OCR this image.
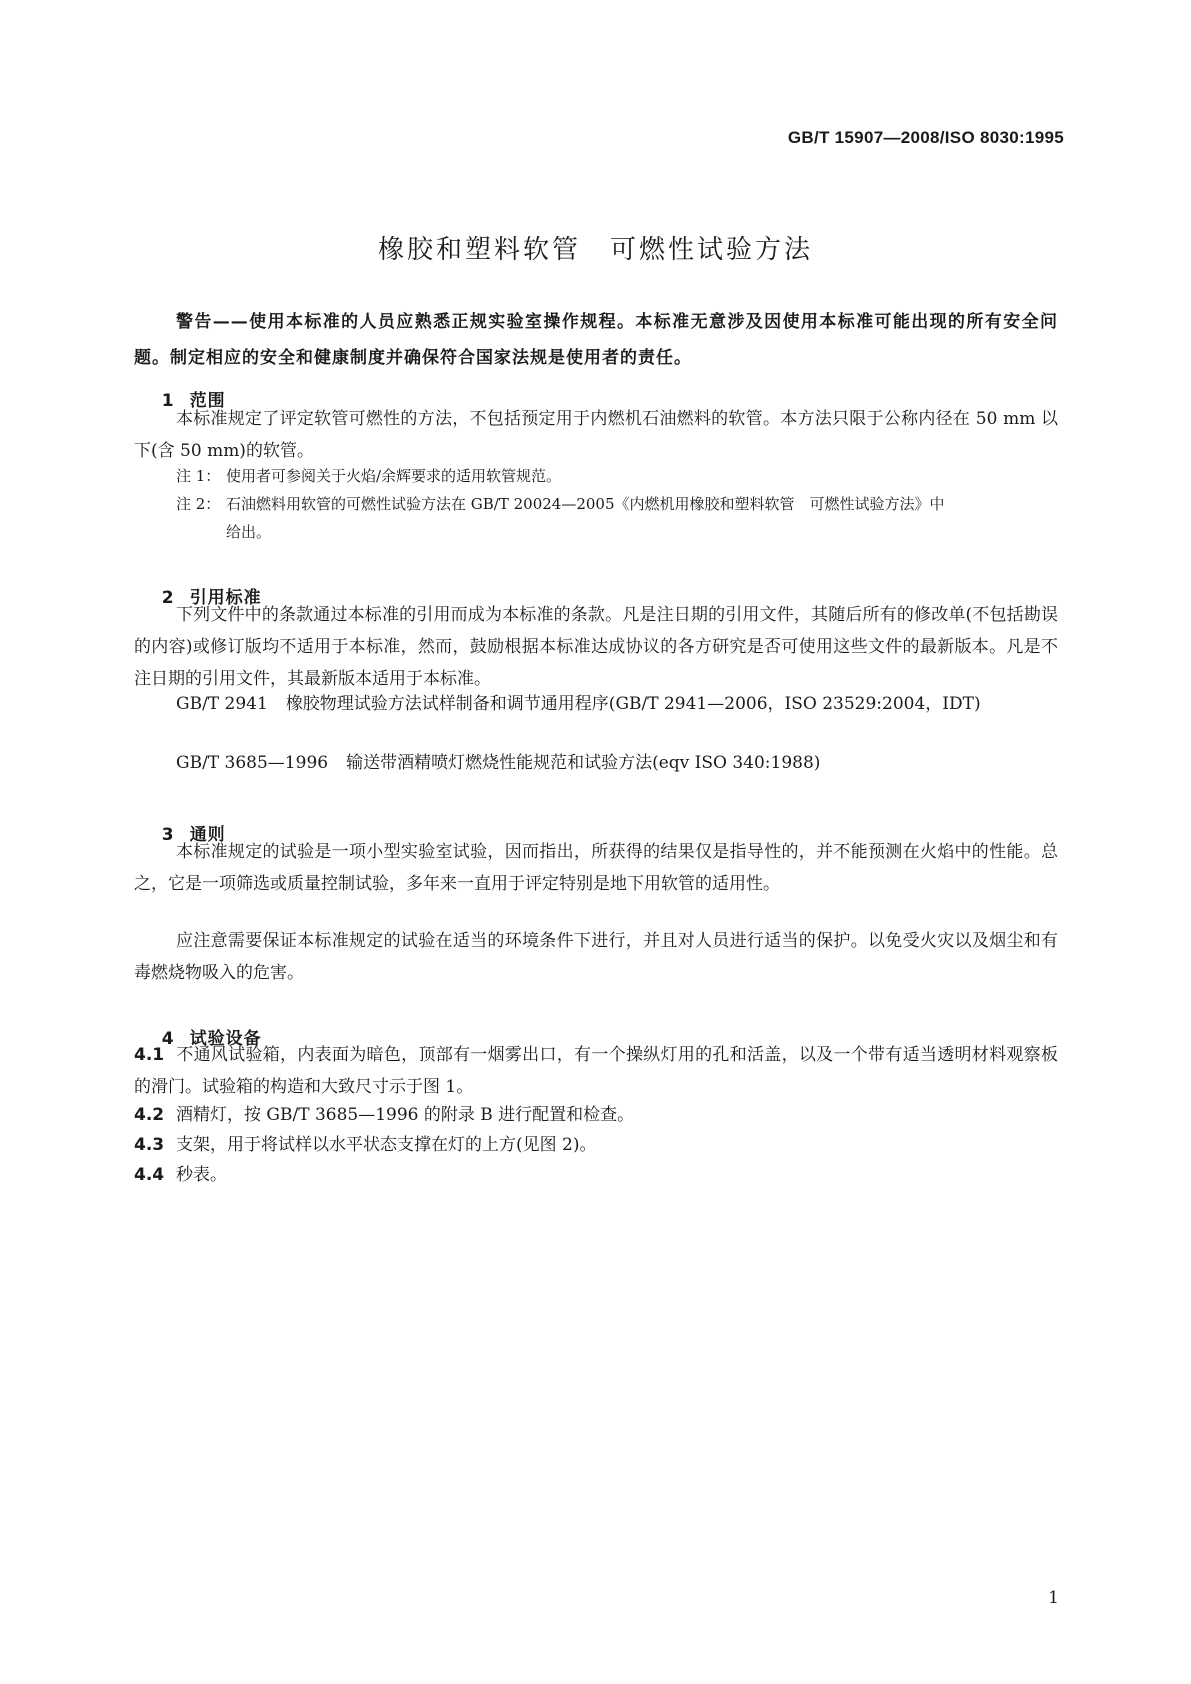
GB/T 15907—2008/ISO 8030:1995
橡胶和塑料软管　可燃性试验方法
警告——使用本标准的人员应熟悉正规实验室操作规程。本标准无意涉及因使用本标准可能出现的所有安全问题。制定相应的安全和健康制度并确保符合国家法规是使用者的责任。

1 范围

本标准规定了评定软管可燃性的方法，不包括预定用于内燃机石油燃料的软管。本方法只限于公称内径在 50 mm 以下(含 50 mm)的软管。
注 1： 使用者可参阅关于火焰/余辉要求的适用软管规范。
注 2： 石油燃料用软管的可燃性试验方法在 GB/T 20024—2005《内燃机用橡胶和塑料软管　可燃性试验方法》中
给出。

2 引用标准

下列文件中的条款通过本标准的引用而成为本标准的条款。凡是注日期的引用文件，其随后所有的修改单(不包括勘误的内容)或修订版均不适用于本标准，然而，鼓励根据本标准达成协议的各方研究是否可使用这些文件的最新版本。凡是不注日期的引用文件，其最新版本适用于本标准。
GB/T 2941 橡胶物理试验方法试样制备和调节通用程序(GB/T 2941—2006，ISO 23529:2004，IDT)
GB/T 3685—1996 输送带酒精喷灯燃烧性能规范和试验方法(eqv ISO 340:1988)

3 通则

本标准规定的试验是一项小型实验室试验，因而指出，所获得的结果仅是指导性的，并不能预测在火焰中的性能。总之，它是一项筛选或质量控制试验，多年来一直用于评定特别是地下用软管的适用性。
应注意需要保证本标准规定的试验在适当的环境条件下进行，并且对人员进行适当的保护。以免受火灾以及烟尘和有毒燃烧物吸入的危害。

4 试验设备

4.1 不通风试验箱，内表面为暗色，顶部有一烟雾出口，有一个操纵灯用的孔和活盖，以及一个带有适当透明材料观察板的滑门。试验箱的构造和大致尺寸示于图 1。
4.2 酒精灯，按 GB/T 3685—1996 的附录 B 进行配置和检查。
4.3 支架，用于将试样以水平状态支撑在灯的上方(见图 2)。
4.4 秒表。
1
